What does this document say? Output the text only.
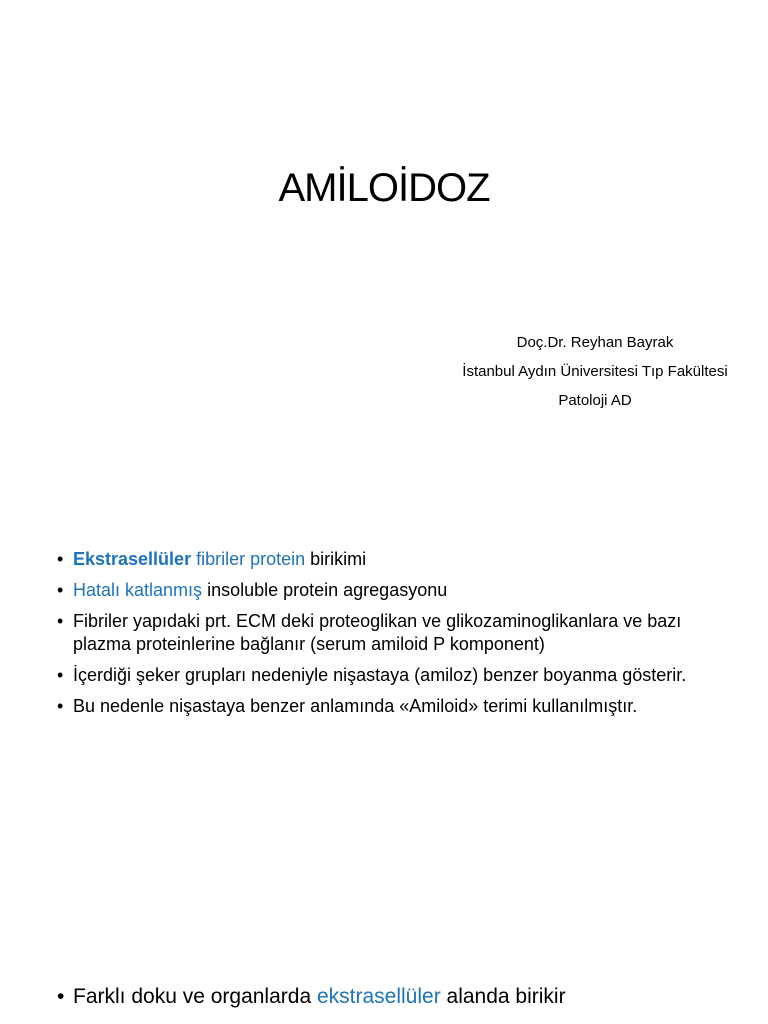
AMİLOİDOZ
Doç.Dr. Reyhan Bayrak
İstanbul Aydın Üniversitesi Tıp Fakültesi
Patoloji AD
• Ekstrasellüler fibriler protein birikimi
• Hatalı katlanmış insoluble protein agregasyonu
• Fibriler yapıdaki prt. ECM deki proteoglikan ve glikozaminoglikanlara ve bazı plazma proteinlerine bağlanır (serum amiloid P komponent)
• İçerdiği şeker grupları nedeniyle nişastaya (amiloz) benzer boyanma gösterir.
• Bu nedenle nişastaya benzer anlamında «Amiloid» terimi kullanılmıştır.
• Farklı doku ve organlarda ekstrasellüler alanda birikir
